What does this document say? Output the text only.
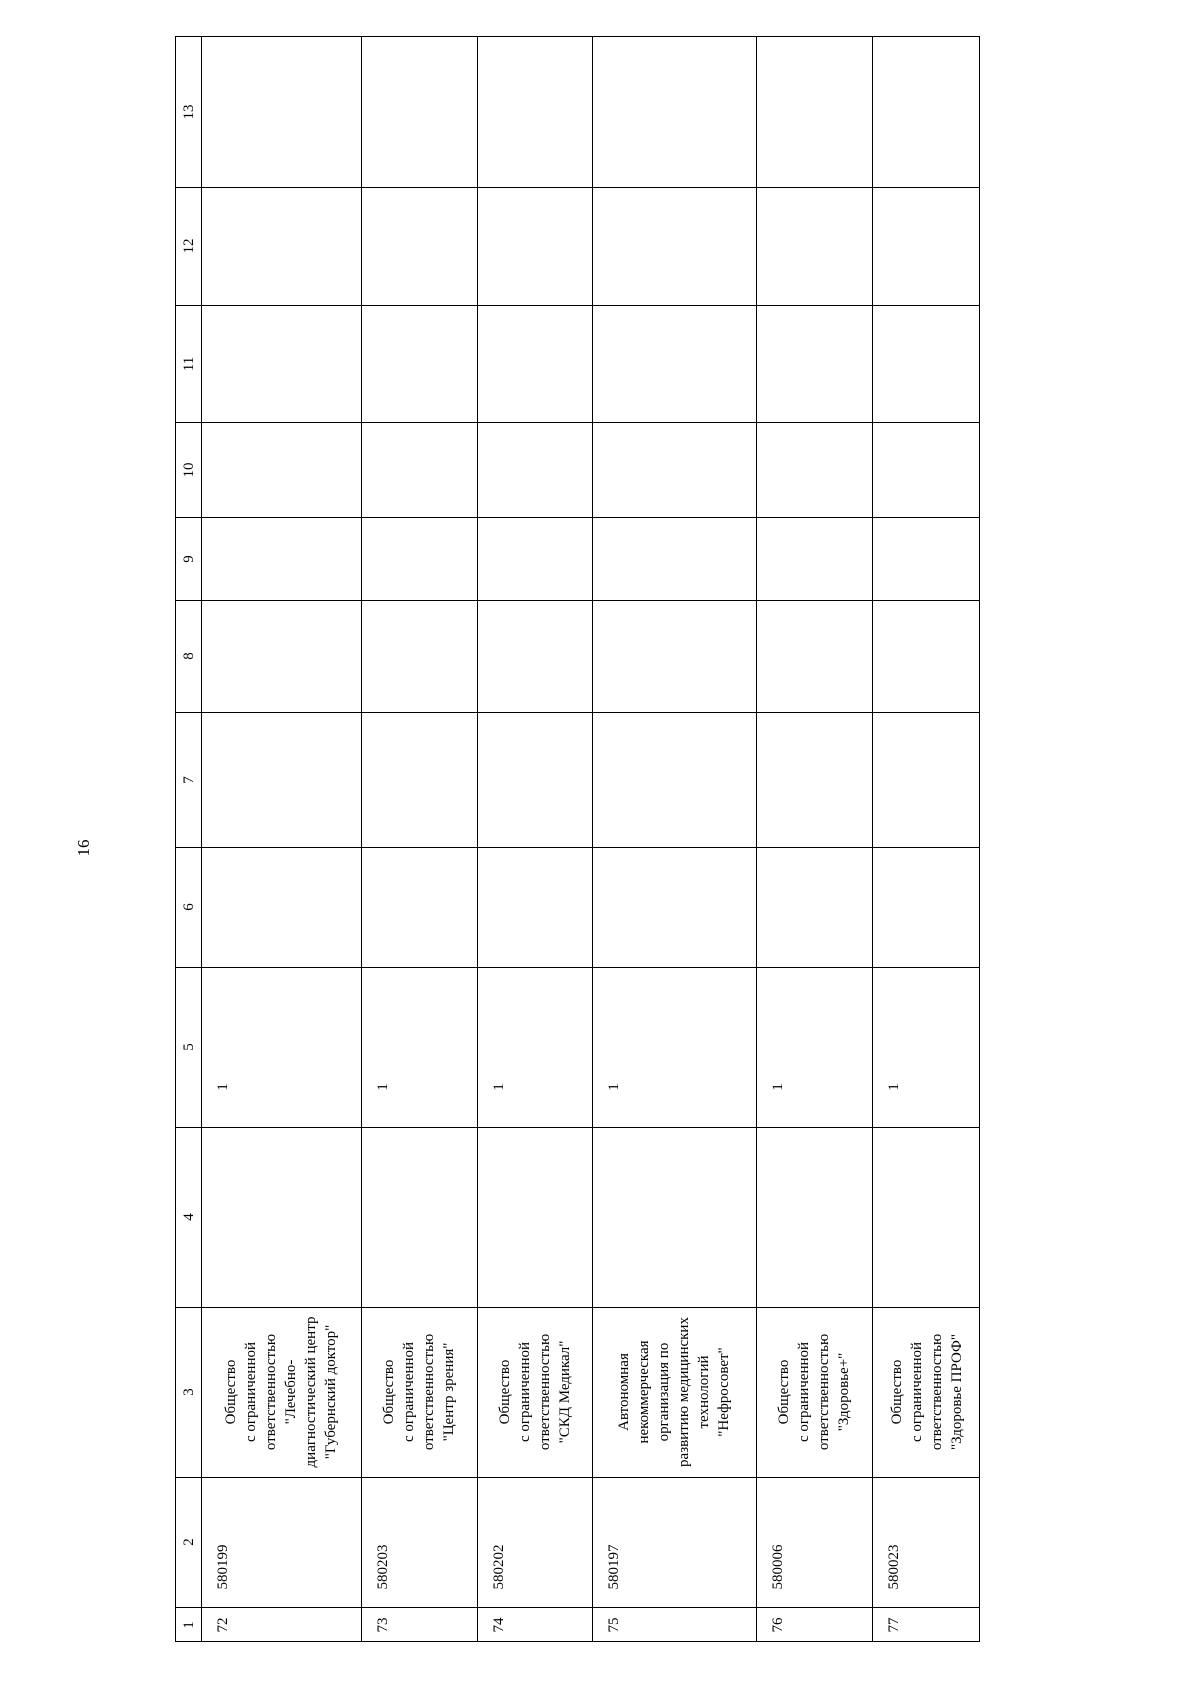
16
1
2
3
4
5
6
7
8
9
10
11
12
13
72
580199
Общество
с ограниченной
ответственностью
"Лечебно-
диагностический центр
"Губернский доктор"
1
73
580203
Общество
с ограниченной
ответственностью
"Центр зрения"
1
74
580202
Общество
с ограниченной
ответственностью
"СКД Медикал"
1
75
580197
Автономная
некоммерческая
организация по
развитию медицинских
технологий
"Нефросовет"
1
76
580006
Общество
с ограниченной
ответственностью
"Здоровье+"
1
77
580023
Общество
с ограниченной
ответственностью
"Здоровье ПРОФ"
1
